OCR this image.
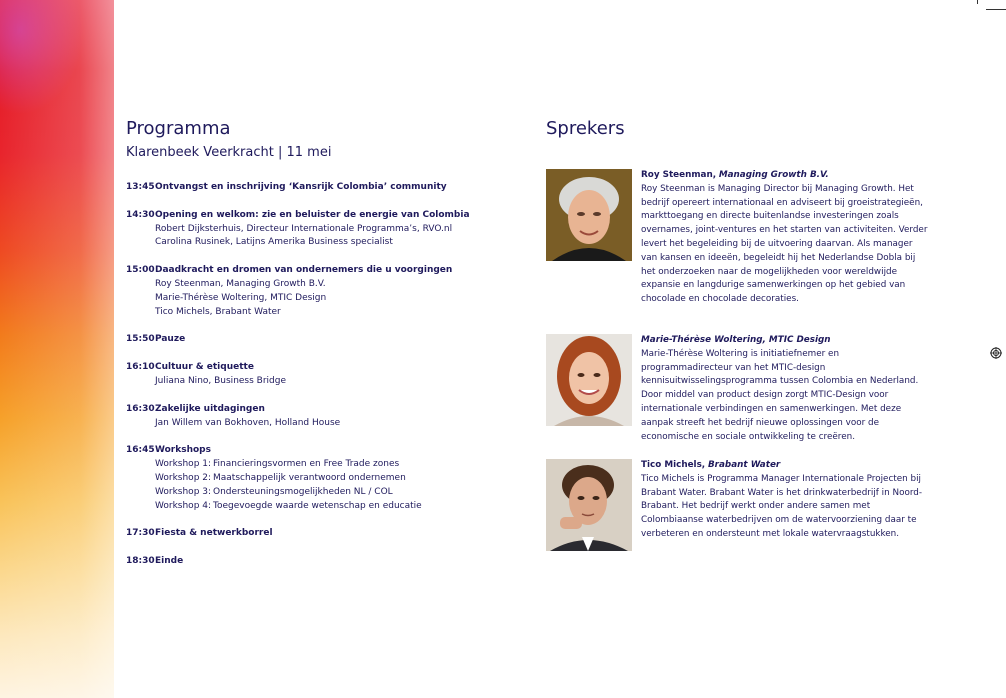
Programma
Klarenbeek Veerkracht | 11 mei
13:45 Ontvangst en inschrijving ‘Kansrijk Colombia’ community
14:30 Opening en welkom: zie en beluister de energie van Colombia
Robert Dijksterhuis, Directeur Internationale Programma’s, RVO.nl
Carolina Rusinek, Latijns Amerika Business specialist
15:00 Daadkracht en dromen van ondernemers die u voorgingen
Roy Steenman, Managing Growth B.V.
Marie-Thérèse Woltering, MTIC Design
Tico Michels, Brabant Water
15:50 Pauze
16:10 Cultuur & etiquette
Juliana Nino, Business Bridge
16:30 Zakelijke uitdagingen
Jan Willem van Bokhoven, Holland House
16:45 Workshops
Workshop 1: Financieringsvormen en Free Trade zones
Workshop 2: Maatschappelijk verantwoord ondernemen
Workshop 3: Ondersteuningsmogelijkheden NL / COL
Workshop 4: Toegevoegde waarde wetenschap en educatie
17:30 Fiesta & netwerkborrel
18:30 Einde
Sprekers
Roy Steenman, Managing Growth B.V.
Roy Steenman is Managing Director bij Managing Growth. Het bedrijf opereert internationaal en adviseert bij groeistrategieën, markttoegang en directe buitenlandse investeringen zoals overnames, joint-ventures en het starten van activiteiten. Verder levert het begeleiding bij de uitvoering daarvan. Als manager van kansen en ideeën, begeleidt hij het Nederlandse Dobla bij het onderzoeken naar de mogelijkheden voor wereldwijde expansie en langdurige samenwerkingen op het gebied van chocolade en chocolade decoraties.
Marie-Thérèse Woltering, MTIC Design
Marie-Thérèse Woltering is initiatiefnemer en programmadirecteur van het MTIC-design kennisuitwisselingsprogramma tussen Colombia en Nederland. Door middel van product design zorgt MTIC-Design voor internationale verbindingen en samenwerkingen. Met deze aanpak streeft het bedrijf nieuwe oplossingen voor de economische en sociale ontwikkeling te creëren.
Tico Michels, Brabant Water
Tico Michels is Programma Manager Internationale Projecten bij Brabant Water. Brabant Water is het drinkwaterbedrijf in Noord-Brabant. Het bedrijf werkt onder andere samen met Colombiaanse waterbedrijven om de watervoorziening daar te verbeteren en ondersteunt met lokale watervraagstukken.
